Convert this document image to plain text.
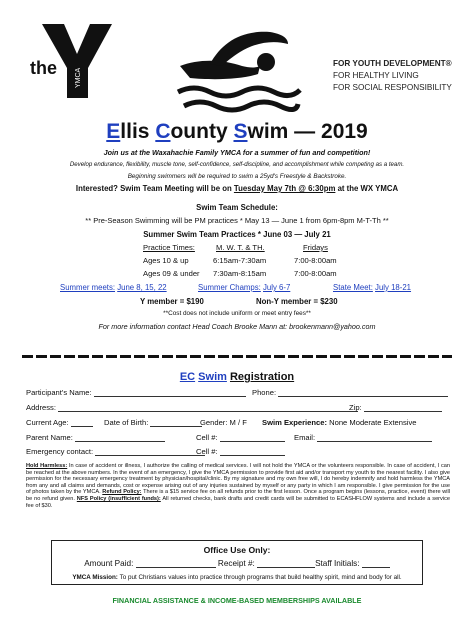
the	YMCA
FOR YOUTH DEVELOPMENT®
FOR HEALTHY LIVING
FOR SOCIAL RESPONSIBILITY
Ellis County Swim — 2019
Join us at the Waxahachie Family YMCA for a summer of fun and competition!
Develop endurance, flexibility, muscle tone, self-confidence, self-discipline, and accomplishment while competing as a team.
Beginning swimmers will be required to swim a 25yd's Freestyle & Backstroke.
Interested? Swim Team Meeting will be on Tuesday May 7th @ 6:30pm at the WX YMCA
Swim Team Schedule:
** Pre-Season Swimming will be PM practices * May 13 — June 1 from 6pm-8pm M-T-Th **
Summer Swim Team Practices * June 03 — July 21
Practice Times:	M. W. T. & TH.	Fridays
Ages 10 & up	6:15am-7:30am	7:00-8:00am
Ages 09 & under 7:30am-8:15am	7:00-8:00am
Summer meets: June 8, 15, 22	Summer Champs: July 6-7	State Meet: July 18-21
Y member = $190	Non-Y member = $230
**Cost does not include uniform or meet entry fees**
For more information contact Head Coach Brooke Mann at: brookenmann@yahoo.com
EC Swim Registration
Participant's Name:	Phone:
Address:	Zip:
Current Age:	Date of Birth:	Gender: M / F Swim Experience: None Moderate Extensive
Parent Name:	Cell #:	Email:
Emergency contact:	Cell #:
Hold Harmless: In case of accident or illness, I authorize the calling of medical services. I will not hold the YMCA or the volunteers responsible. In case of accident, I can be reached at the above numbers. In the event of an emergency, I give the YMCA permission to provide first aid and/or transport my youth to the nearest facility. I also give permission for the necessary emergency treatment by physician/hospital/clinic. By my signature and my own free will, I do hereby indemnify and hold harmless the YMCA from any and all claims and demands, cost or expense arising out of any injuries sustained by myself or any party in which I am responsible. I give permission for the use of photos taken by the YMCA. Refund Policy: There is a $15 service fee on all refunds prior to the first lesson. Once a program begins (lessons, practice, event) there will be no refund given. NFS Policy (insufficient funds): All returned checks, bank drafts and credit cards will be submitted to ECASHFLOW systems and include a service fee of $30.
Office Use Only:
Amount Paid:	Receipt #:	Staff Initials:
YMCA Mission: To put Christians values into practice through programs that build healthy spirit, mind and body for all.
FINANCIAL ASSISTANCE & INCOME-BASED MEMBERSHIPS AVAILABLE
